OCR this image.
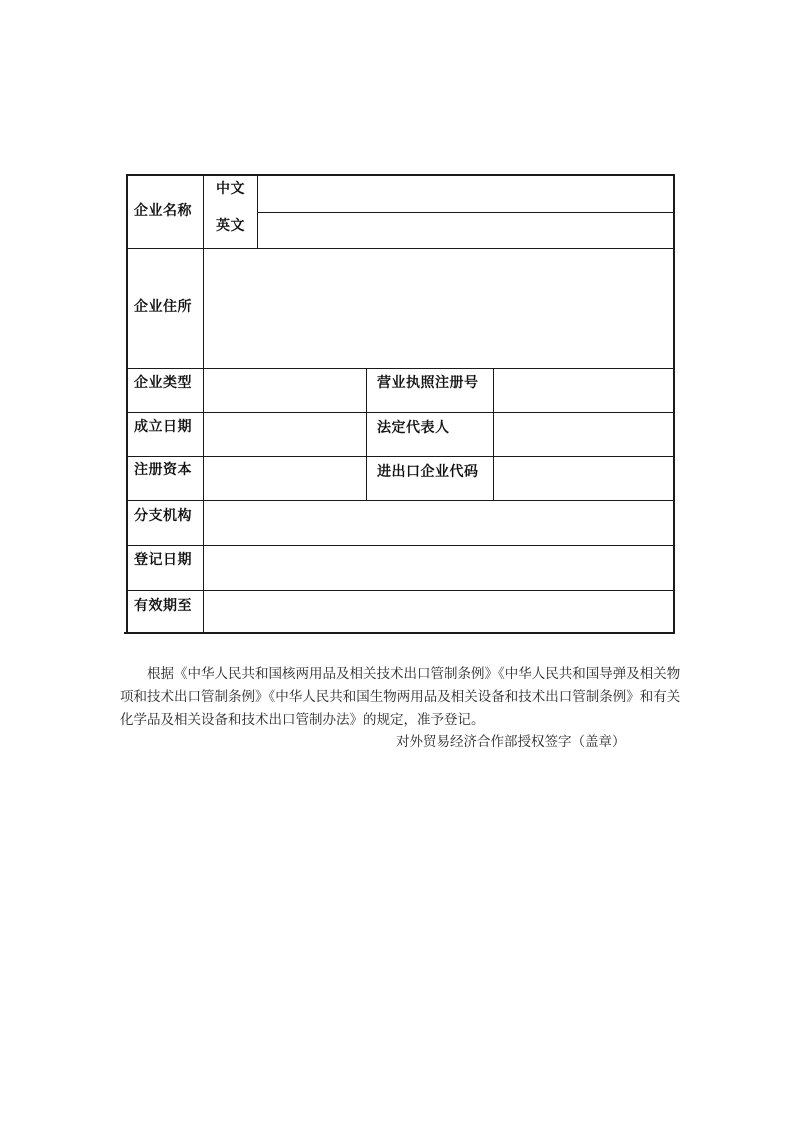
企业名称
中文
英文
企业住所
企业类型	营业执照注册号
成立日期	法定代表人
注册资本	进出口企业代码
分支机构
登记日期
有效期至

根据《中华人民共和国核两用品及相关技术出口管制条例》《中华人民共和国导弹及相关物项和技术出口管制条例》《中华人民共和国生物两用品及相关设备和技术出口管制条例》和有关化学品及相关设备和技术出口管制办法》的规定，准予登记。

对外贸易经济合作部授权签字（盖章）
